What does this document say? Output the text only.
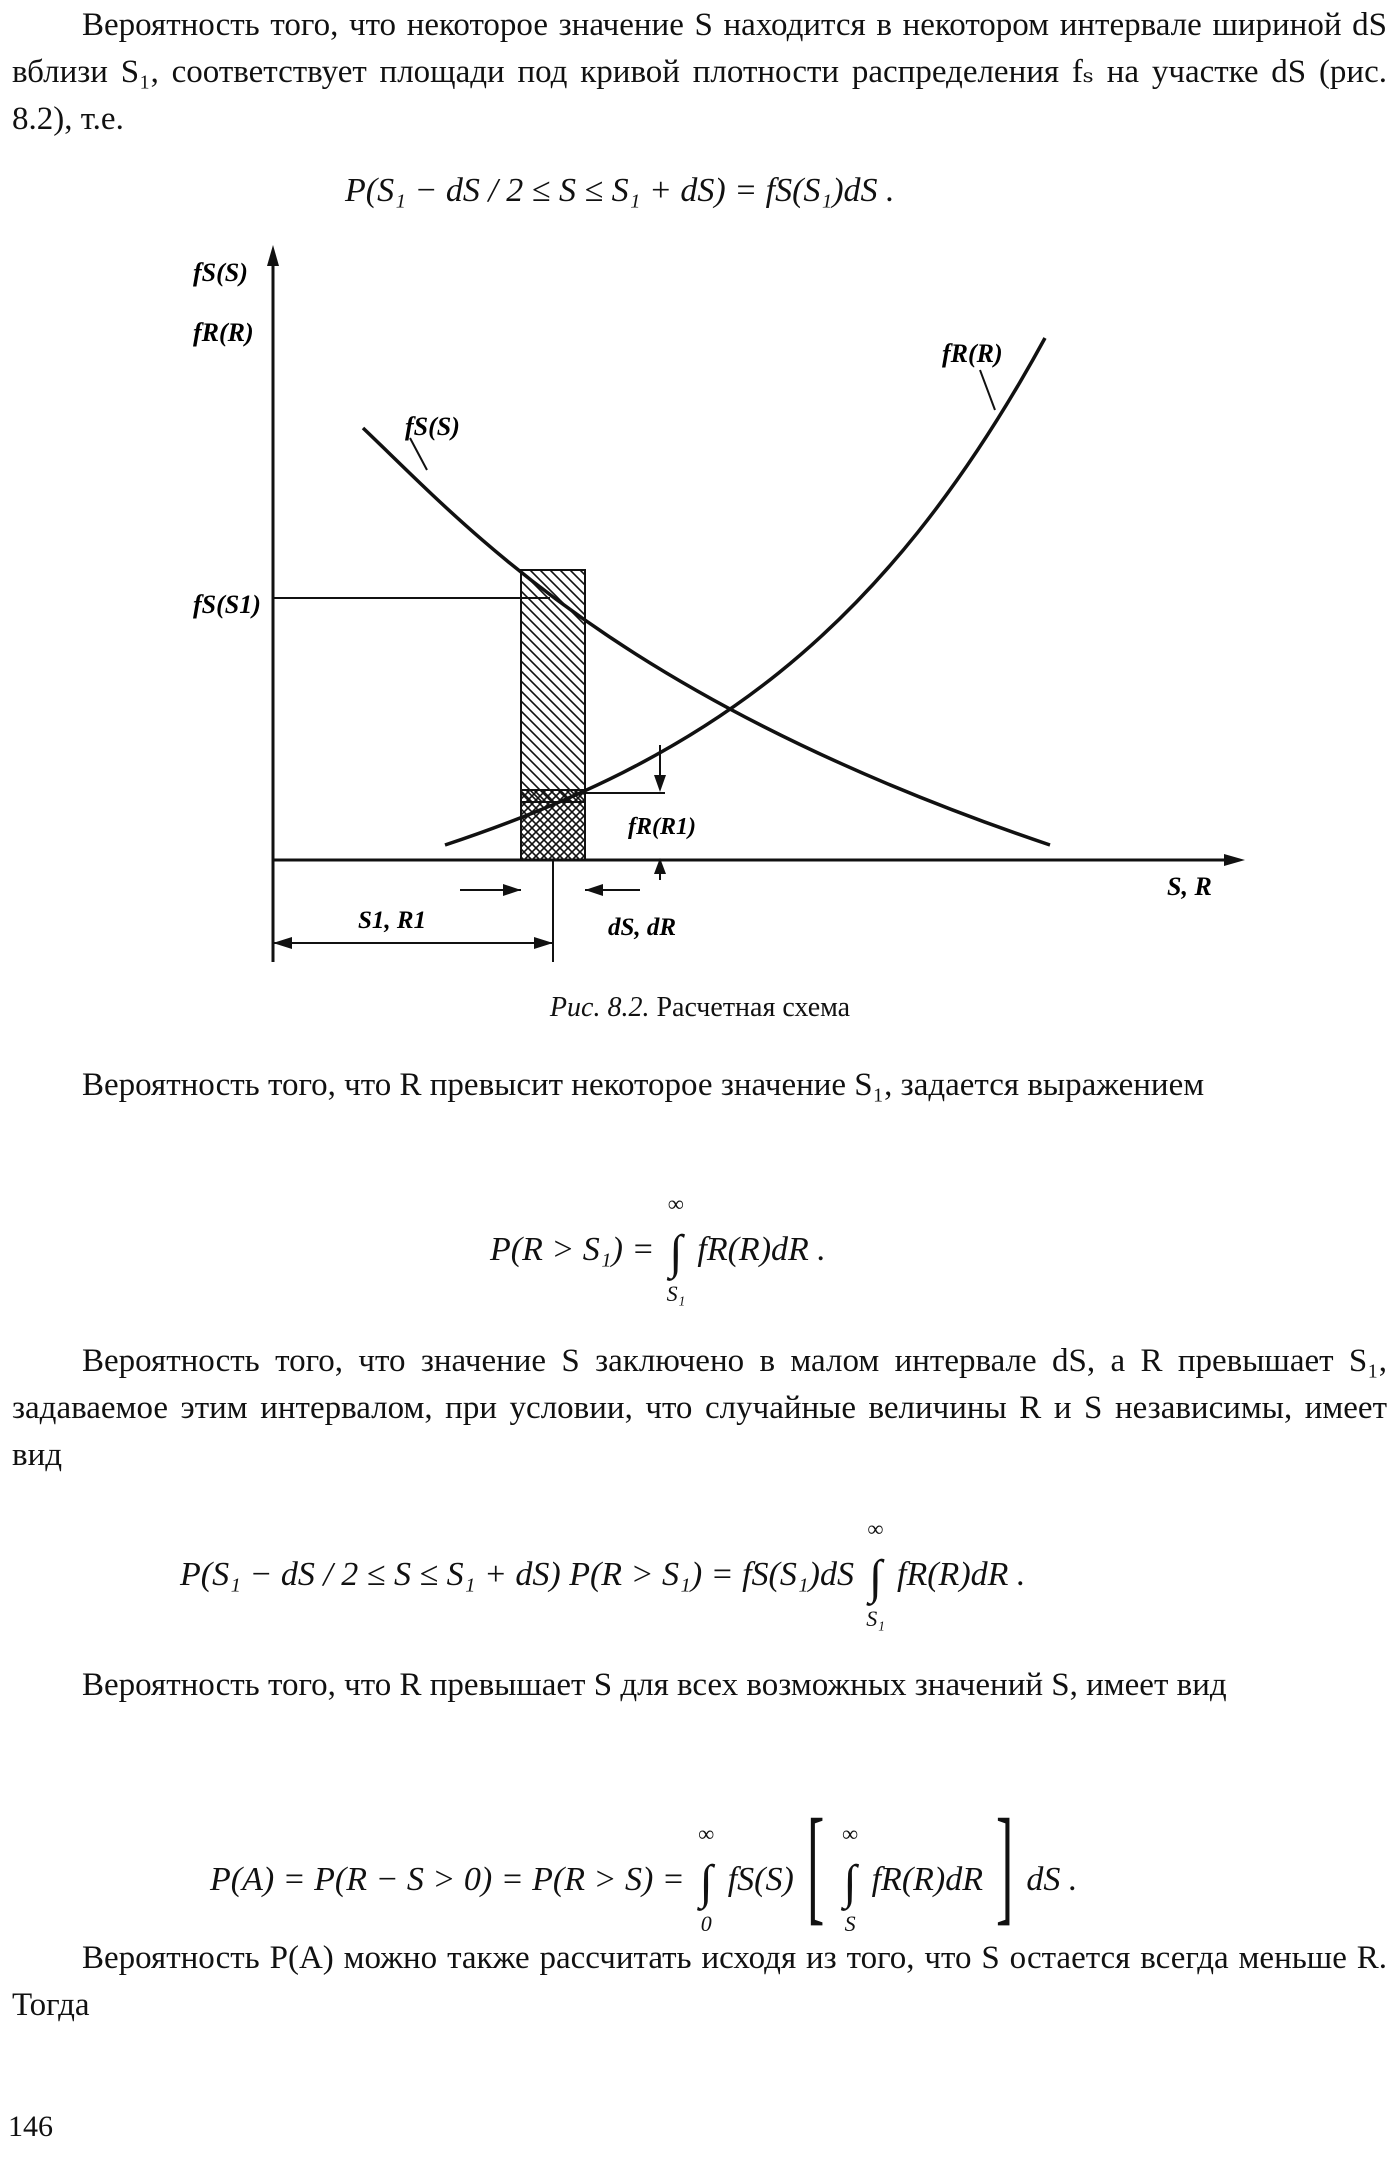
Вероятность того, что некоторое значение S находится в некотором интервале шириной dS вблизи S₁, соответствует площади под кривой плотности распределения fₛ на участке dS (рис. 8.2), т.е.

P(S₁ − dS / 2 ≤ S ≤ S₁ + dS) = fS(S₁)dS .
fS(S)
fR(R)
fR(R)
fS(S)
fS(S1)
fR(R1)
S, R
S1, R1	dS, dR
Рис. 8.2. Расчетная схема

Вероятность того, что R превысит некоторое значение S₁, задается выражением

P(R > S₁) = ∫
∞
S₁
fR(R)dR .

Вероятность того, что значение S заключено в малом интервале dS, а R превышает S₁, задаваемое этим интервалом, при условии, что случайные величины R и S независимы, имеет вид

P(S₁ − dS / 2 ≤ S ≤ S₁ + dS) P(R > S₁) = fS(S₁)dS ∫
∞
S₁
fR(R)dR .

Вероятность того, что R превышает S для всех возможных значений S, имеет вид

P(A) = P(R − S > 0) = P(R > S) = ∫
∞
0
fS(S)[ ∫
∞
S
fR(R)dR] dS .

Вероятность P(A) можно также рассчитать исходя из того, что S остается всегда меньше R. Тогда

146
